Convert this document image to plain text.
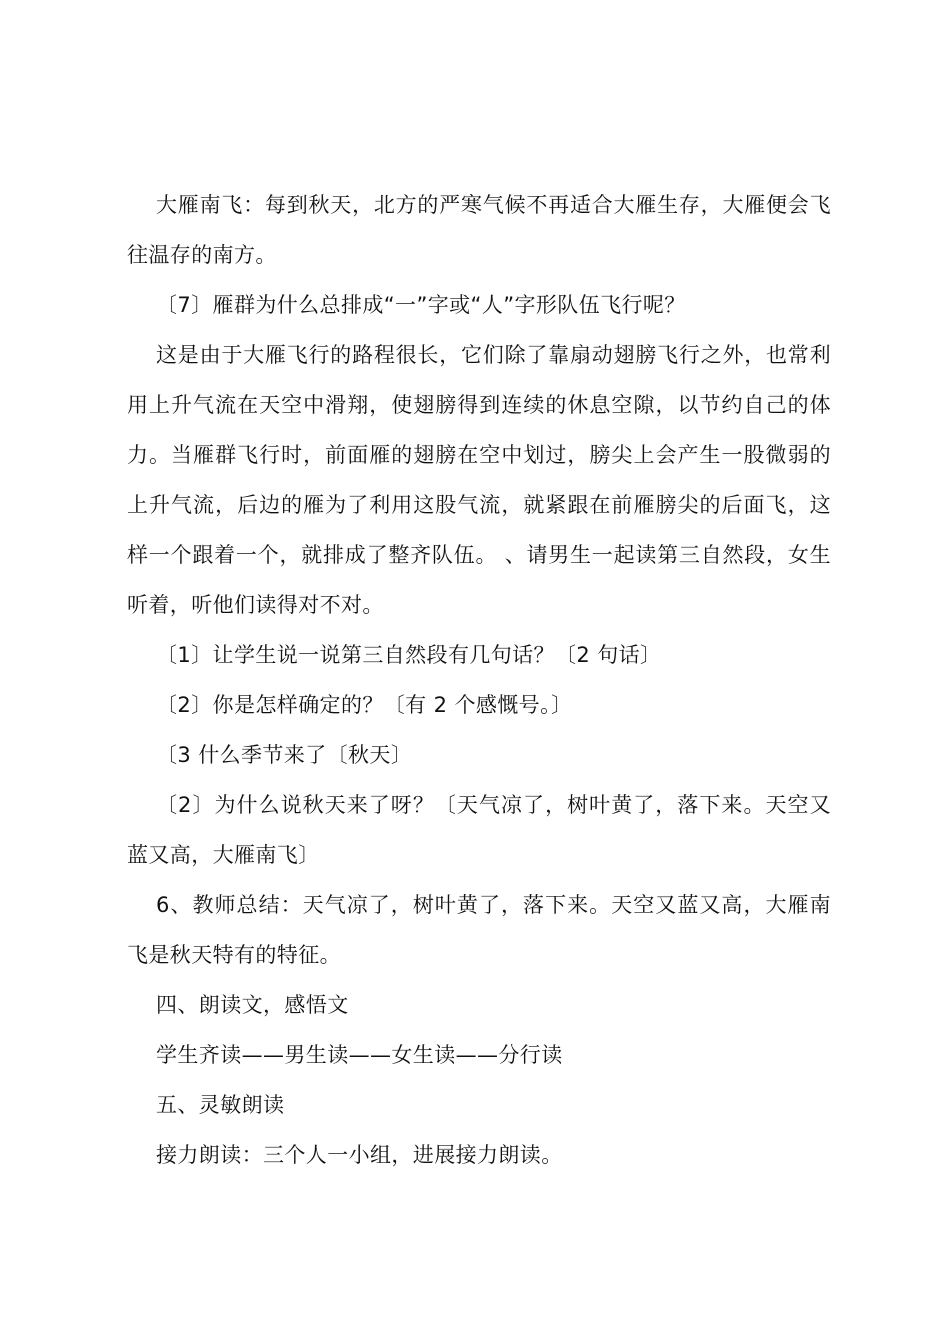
大雁南飞：每到秋天，北方的严寒气候不再适合大雁生存，大雁便会飞往温存的南方。

〔7〕雁群为什么总排成“一”字或“人”字形队伍飞行呢？

这是由于大雁飞行的路程很长，它们除了靠扇动翅膀飞行之外，也常利用上升气流在天空中滑翔，使翅膀得到连续的休息空隙，以节约自己的体力。当雁群飞行时，前面雁的翅膀在空中划过，膀尖上会产生一股微弱的上升气流，后边的雁为了利用这股气流，就紧跟在前雁膀尖的后面飞，这样一个跟着一个，就排成了整齐队伍。 、请男生一起读第三自然段，女生听着，听他们读得对不对。

〔1〕让学生说一说第三自然段有几句话？〔2 句话〕

〔2〕你是怎样确定的？〔有 2 个感慨号。〕

〔3 什么季节来了〔秋天〕

〔2〕为什么说秋天来了呀？〔天气凉了，树叶黄了，落下来。天空又蓝又高，大雁南飞〕

6、教师总结：天气凉了，树叶黄了，落下来。天空又蓝又高，大雁南飞是秋天特有的特征。

四、朗读文，感悟文

学生齐读——男生读——女生读——分行读

五、灵敏朗读

接力朗读：三个人一小组，进展接力朗读。
